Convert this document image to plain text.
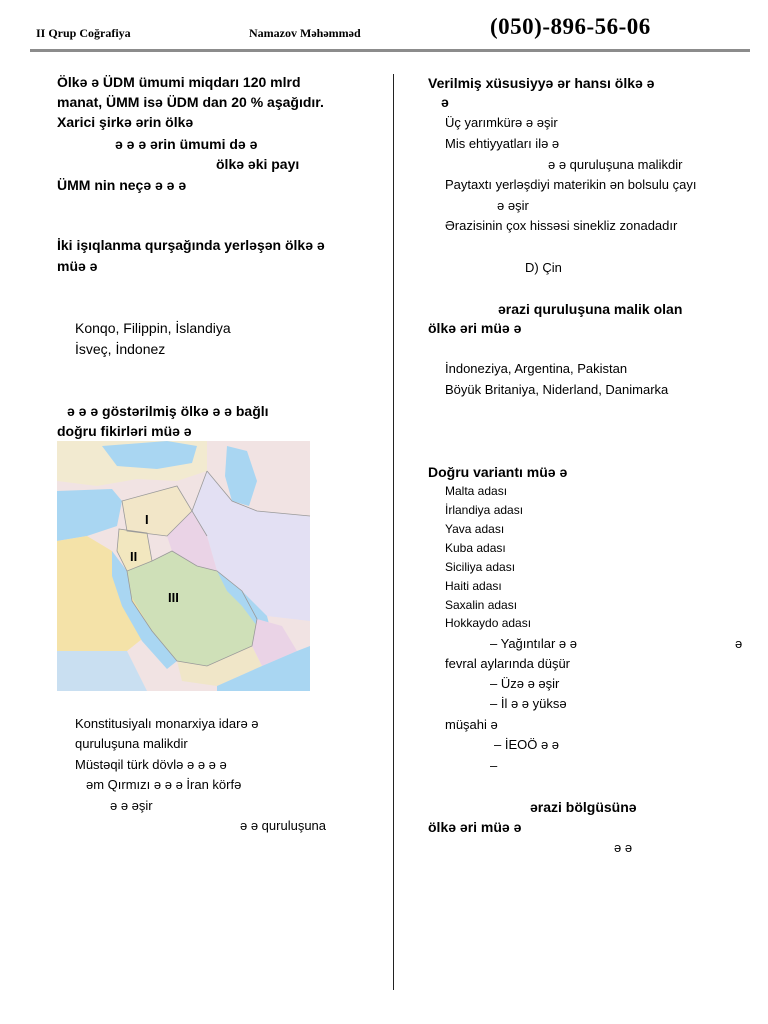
II Qrup Coğrafiya	Namazov Məhəmməd	(050)-896-56-06
Ölkə ə ÜDM ümumi miqdarı 120 mlrd
manat, ÜMM isə ÜDM dan 20 % aşağıdır.
Xarici şirkə ərin ölkə
ə ə ə ərin ümumi də ə
ölkə əki payı
ÜMM nin neçə ə ə ə
İki işıqlanma qurşağında yerləşən ölkə ə
müə ə
Konqo, Filippin, İslandiya
İsveç, İndonez
ə ə ə göstərilmiş ölkə ə ə bağlı
doğru fikirləri müə ə
I
II
III
Konstitusiyalı monarxiya idarə ə
quruluşuna malikdir
Müstəqil türk dövlə ə ə ə ə
əm Qırmızı ə ə ə İran körfə
ə ə əşir
ə ə quruluşuna
Verilmiş xüsusiyyə ər hansı ölkə ə
ə
Üç yarımkürə ə əşir
Mis ehtiyyatları ilə ə
ə ə quruluşuna malikdir
Paytaxtı yerləşdiyi materikin ən bolsulu çayı
ə əşir
Ərazisinin çox hissəsi sinekliz zonadadır
D) Çin
ərazi quruluşuna malik olan
ölkə əri müə ə
İndoneziya, Argentina, Pakistan
Böyük Britaniya, Niderland, Danimarka
Doğru variantı müə ə
Malta adası
İrlandiya adası
Yava adası
Kuba adası
Siciliya adası
Haiti adası
Saxalin adası
Hokkaydo adası
– Yağıntılar ə ə	ə
fevral aylarında düşür
– Üzə ə əşir
– İl ə ə yüksə
müşahi ə
– İEOÖ ə ə
–
ərazi bölgüsünə
ölkə əri müə ə
ə ə
